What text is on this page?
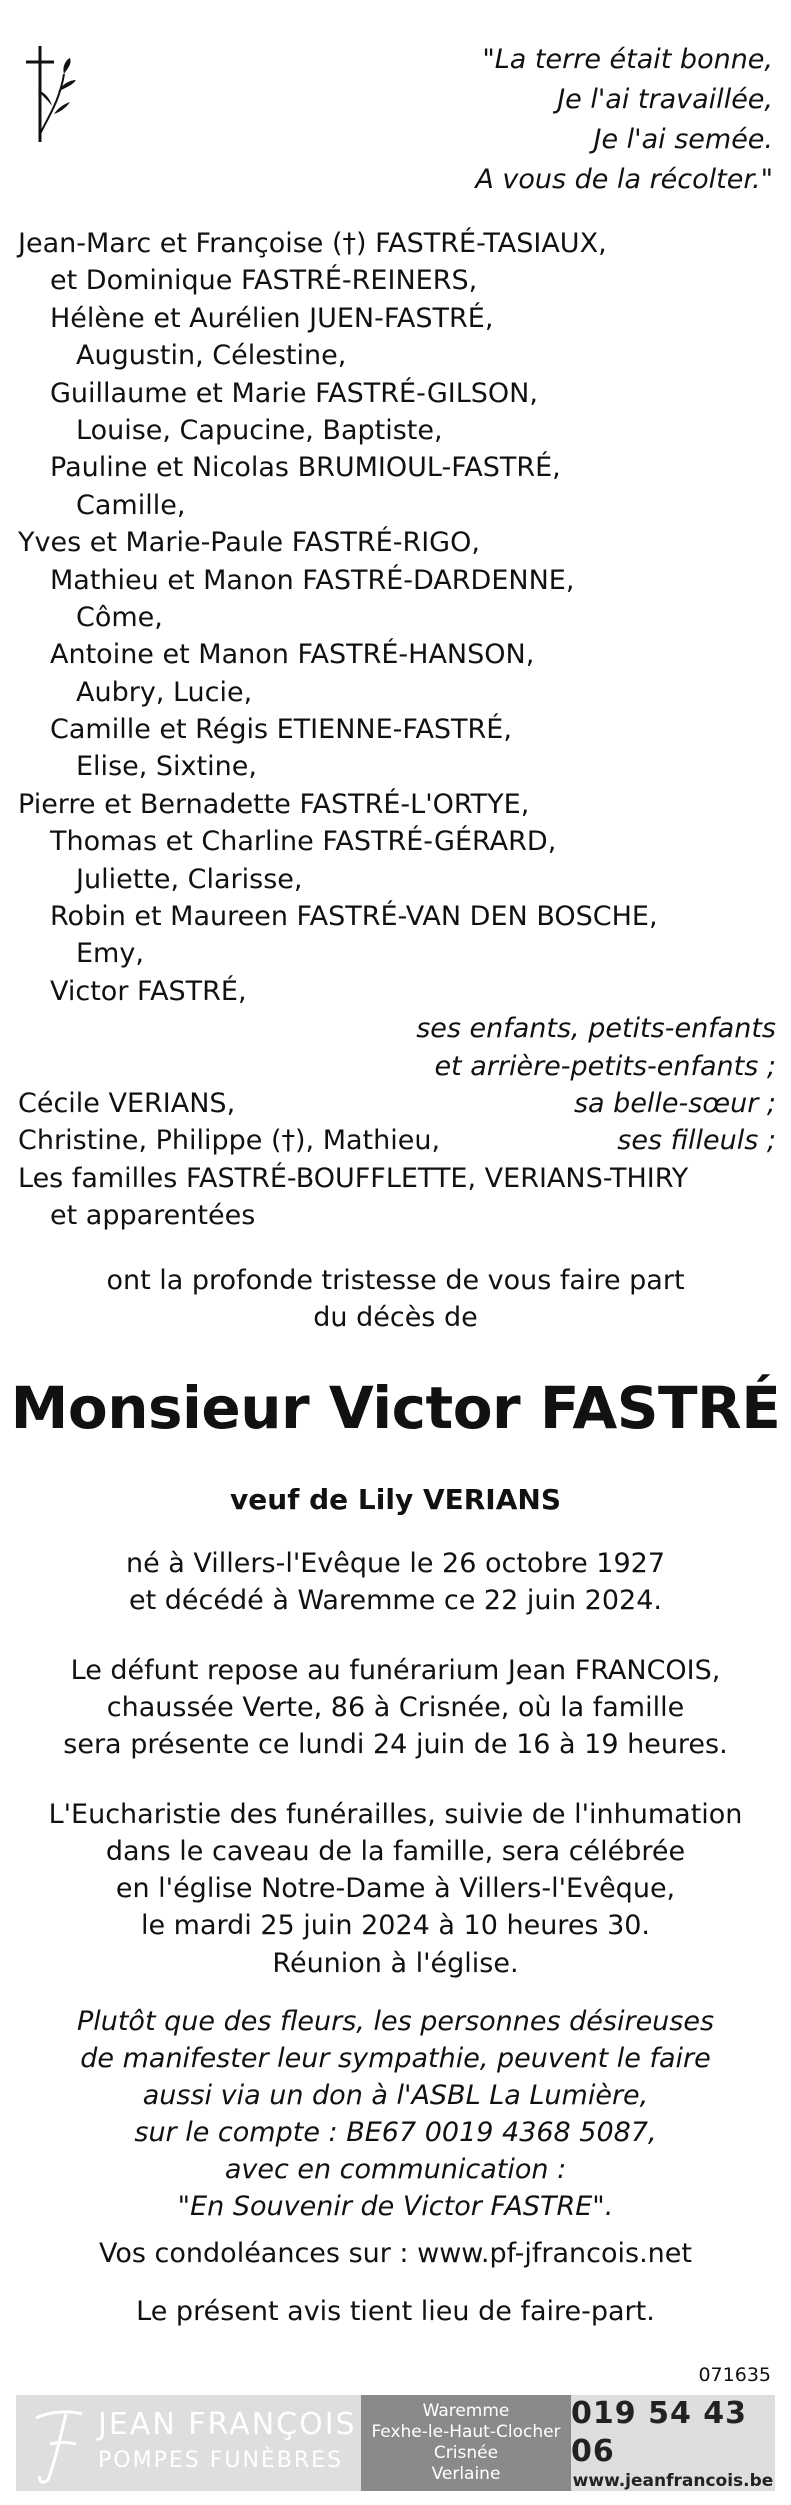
"La terre était bonne,
Je l'ai travaillée,
Je l'ai semée.
A vous de la récolter."
Jean-Marc et Françoise (†) FASTRÉ-TASIAUX,
et Dominique FASTRÉ-REINERS,
Hélène et Aurélien JUEN-FASTRÉ,
Augustin, Célestine,
Guillaume et Marie FASTRÉ-GILSON,
Louise, Capucine, Baptiste,
Pauline et Nicolas BRUMIOUL-FASTRÉ,
Camille,
Yves et Marie-Paule FASTRÉ-RIGO,
Mathieu et Manon FASTRÉ-DARDENNE,
Côme,
Antoine et Manon FASTRÉ-HANSON,
Aubry, Lucie,
Camille et Régis ETIENNE-FASTRÉ,
Elise, Sixtine,
Pierre et Bernadette FASTRÉ-L'ORTYE,
Thomas et Charline FASTRÉ-GÉRARD,
Juliette, Clarisse,
Robin et Maureen FASTRÉ-VAN DEN BOSCHE,
Emy,
Victor FASTRÉ,
ses enfants, petits-enfants
et arrière-petits-enfants ;
Cécile VERIANS,	sa belle-sœur ;
Christine, Philippe (†), Mathieu,	ses filleuls ;
Les familles FASTRÉ-BOUFFLETTE, VERIANS-THIRY
et apparentées
ont la profonde tristesse de vous faire part
du décès de
Monsieur Victor FASTRÉ
veuf de Lily VERIANS
né à Villers-l'Evêque le 26 octobre 1927
et décédé à Waremme ce 22 juin 2024.
Le défunt repose au funérarium Jean FRANCOIS,
chaussée Verte, 86 à Crisnée, où la famille
sera présente ce lundi 24 juin de 16 à 19 heures.
L'Eucharistie des funérailles, suivie de l'inhumation
dans le caveau de la famille, sera célébrée
en l'église Notre-Dame à Villers-l'Evêque,
le mardi 25 juin 2024 à 10 heures 30.
Réunion à l'église.
Plutôt que des fleurs, les personnes désireuses
de manifester leur sympathie, peuvent le faire
aussi via un don à l'ASBL La Lumière,
sur le compte : BE67 0019 4368 5087,
avec en communication :
"En Souvenir de Victor FASTRE".
Vos condoléances sur : www.pf-jfrancois.net
Le présent avis tient lieu de faire-part.
071635
JEAN FRANÇOIS
POMPES FUNÈBRES
Waremme
Fexhe-le-Haut-Clocher
Crisnée
Verlaine
019 54 43 06
www.jeanfrancois.be
